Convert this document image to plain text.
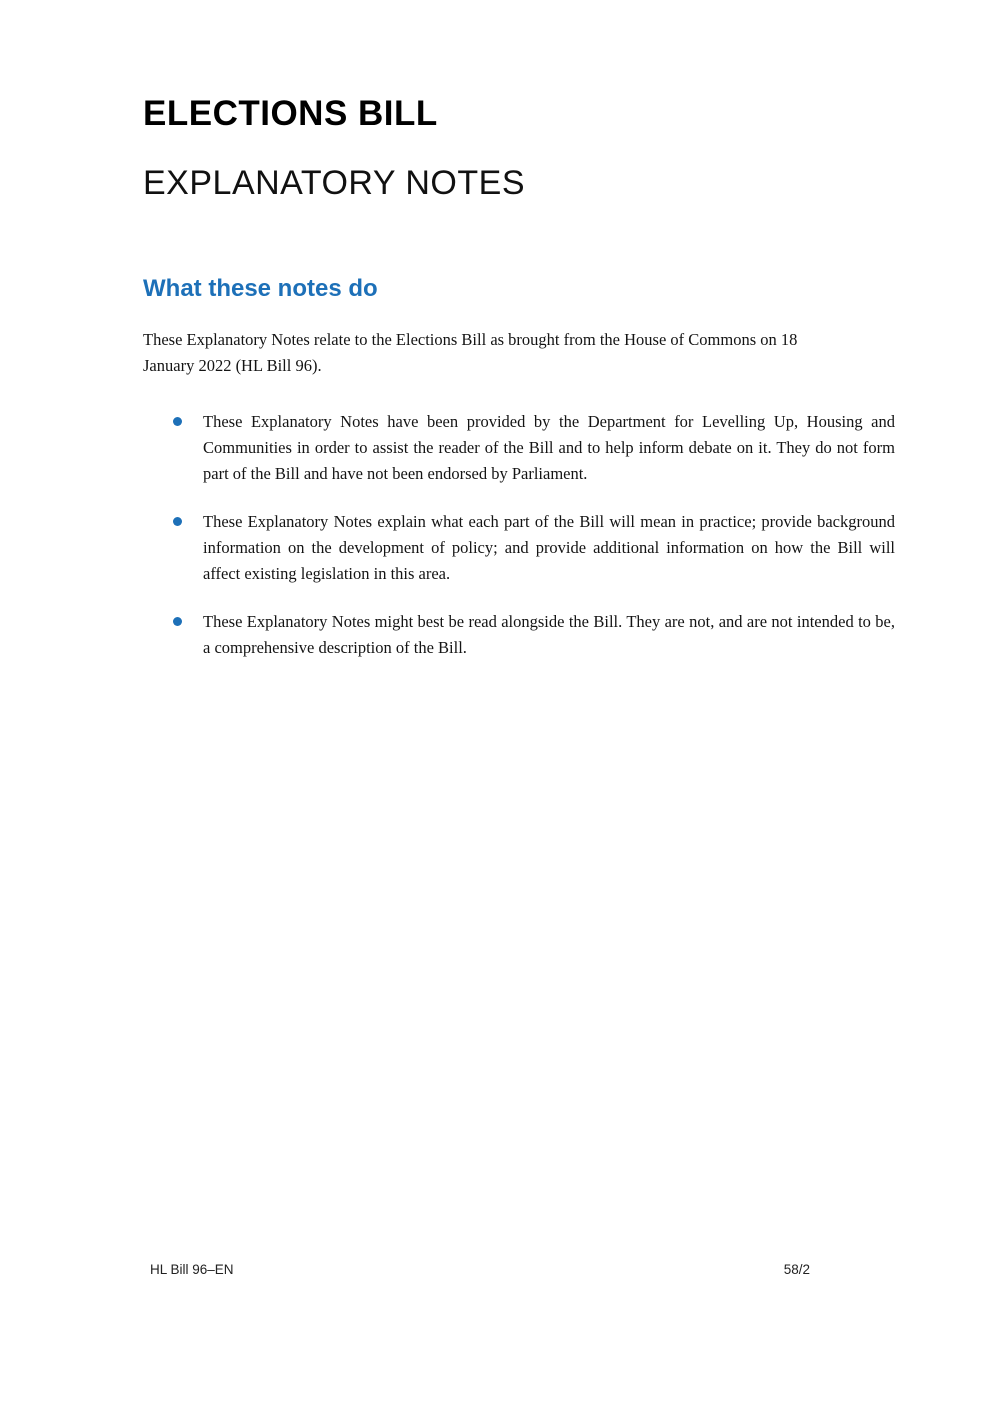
ELECTIONS BILL
EXPLANATORY NOTES
What these notes do

These Explanatory Notes relate to the Elections Bill as brought from the House of Commons on 18 January 2022 (HL Bill 96).

These Explanatory Notes have been provided by the Department for Levelling Up, Housing and Communities in order to assist the reader of the Bill and to help inform debate on it. They do not form part of the Bill and have not been endorsed by Parliament.
These Explanatory Notes explain what each part of the Bill will mean in practice; provide background information on the development of policy; and provide additional information on how the Bill will affect existing legislation in this area.
These Explanatory Notes might best be read alongside the Bill. They are not, and are not intended to be, a comprehensive description of the Bill.
HL Bill 96–EN	58/2
